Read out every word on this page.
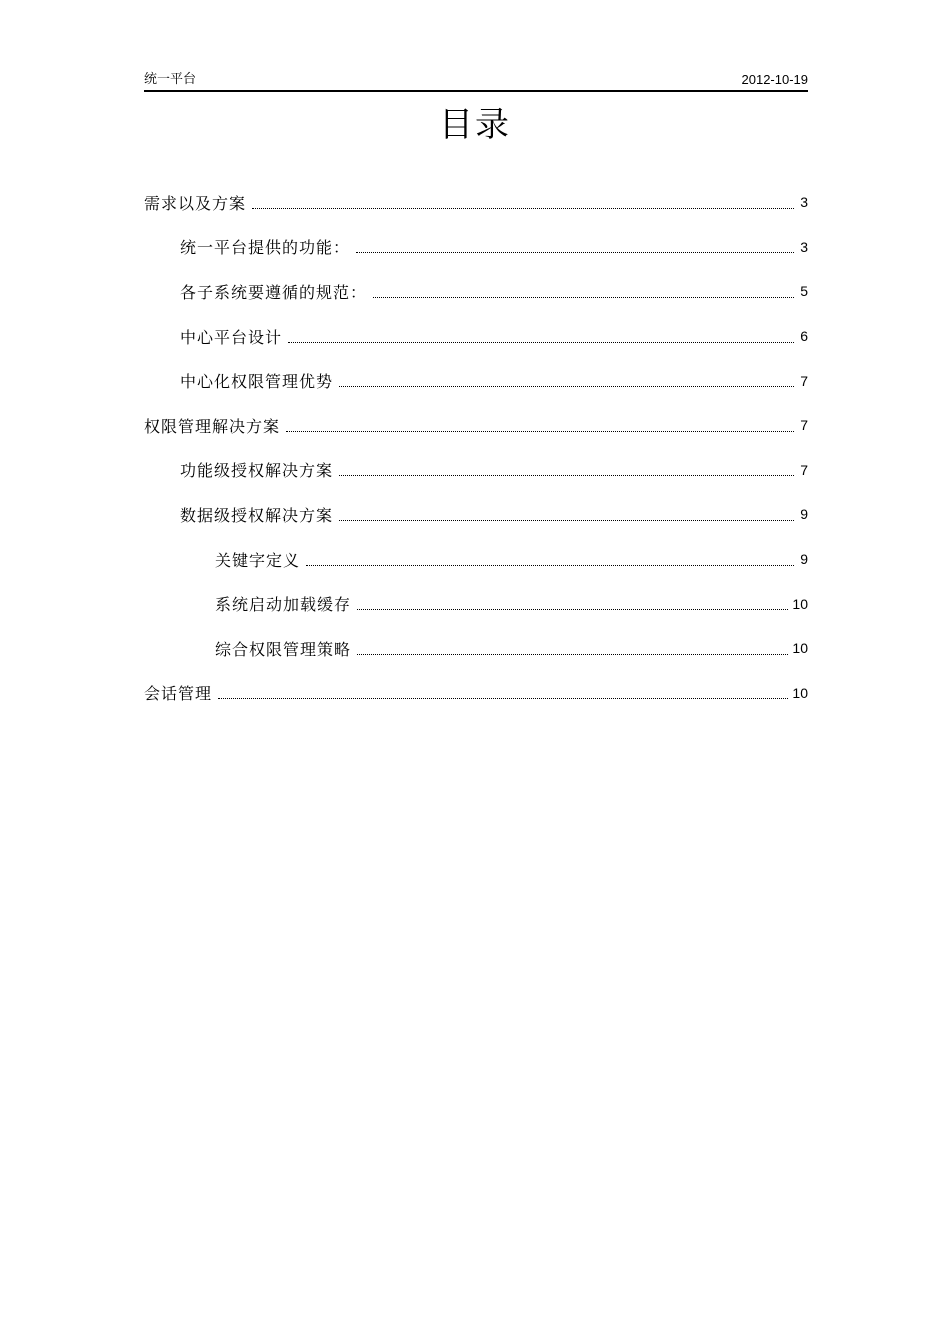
统一平台	2012-10-19
目录
需求以及方案	3
统一平台提供的功能：	3
各子系统要遵循的规范：	5
中心平台设计	6
中心化权限管理优势	7
权限管理解决方案	7
功能级授权解决方案	7
数据级授权解决方案	9
关键字定义	9
系统启动加载缓存	10
综合权限管理策略	10
会话管理	10
